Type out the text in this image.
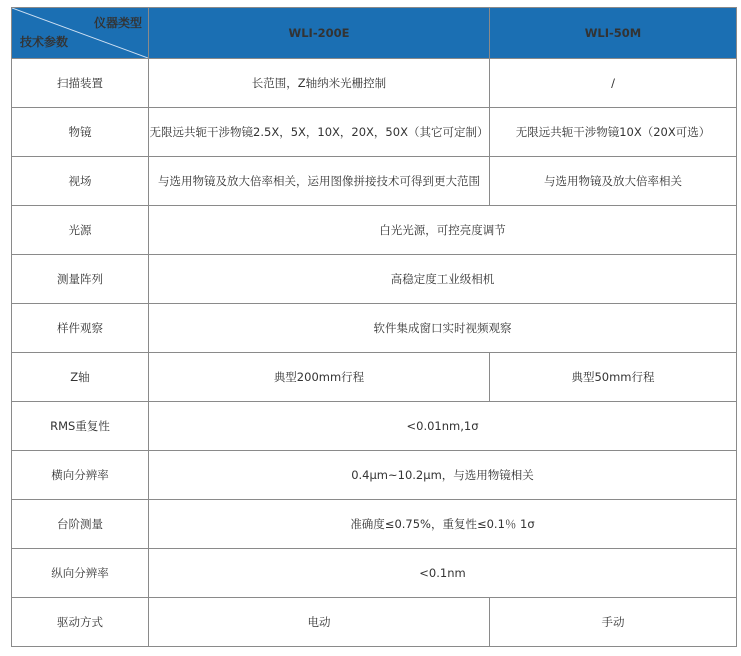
仪器类型
技术参数	WLI-200E	WLI-50M
扫描装置	长范围，Z轴纳米光栅控制	/
物镜	无限远共轭干涉物镜2.5X，5X，10X，20X，50X（其它可定制）	无限远共轭干涉物镜10X（20X可选）
视场	与选用物镜及放大倍率相关，运用图像拼接技术可得到更大范围	与选用物镜及放大倍率相关
光源	白光光源，可控亮度调节	
测量阵列	高稳定度工业级相机	
样件观察	软件集成窗口实时视频观察	
Z轴	典型200mm行程	典型50mm行程
RMS重复性	<0.01nm,1σ	
横向分辨率	0.4μm~10.2μm，与选用物镜相关	
台阶测量	准确度≤0.75%，重复性≤0.1％ 1σ	
纵向分辨率	<0.1nm	
驱动方式	电动	手动
